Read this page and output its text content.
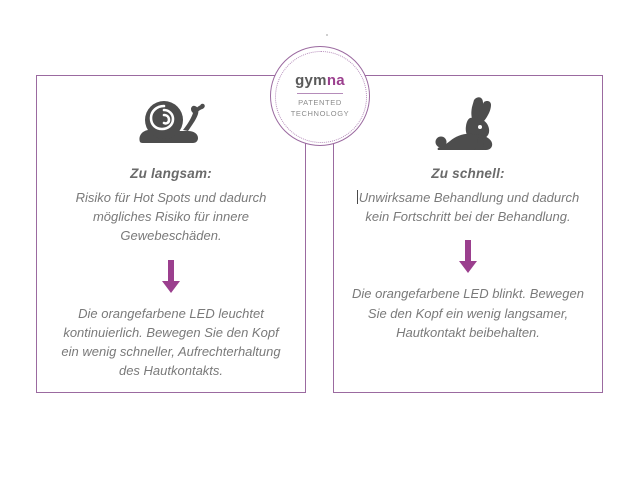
Zu langsam:
Risiko für Hot Spots und dadurch mögliches Risiko für innere Gewebeschäden.
Die orangefarbene LED leuchtet kontinuierlich. Bewegen Sie den Kopf ein wenig schneller, Aufrechterhaltung des Hautkontakts.
Zu schnell:
Unwirksame Behandlung und dadurch kein Fortschritt bei der Behandlung.
Die orangefarbene LED blinkt. Bewegen Sie den Kopf ein wenig langsamer, Hautkontakt beibehalten.
gymna
PATENTED
TECHNOLOGY
